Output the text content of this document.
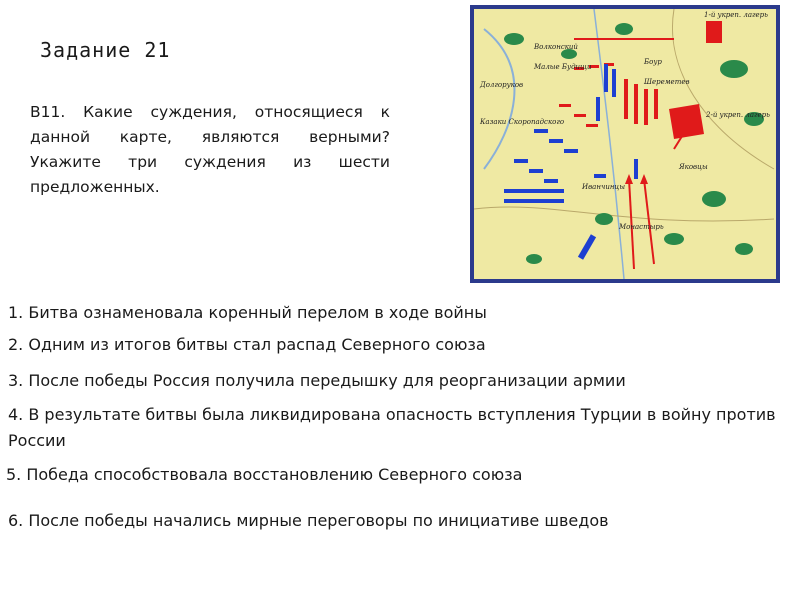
Задание 21
В11. Какие суждения, относящиеся к данной карте, являются верными? Укажите три суждения из шести предложенных.
1-й укреп. лагерь
2-й укреп. лагерь
Волконский
Малые Будищи
Долгоруков
Казаки Скоропадского
Боур
Шереметев
Яковцы
Монастырь
Иванчинцы
1. Битва ознаменовала коренный перелом в ходе войны
2. Одним из итогов битвы стал распад Северного союза
3. После победы Россия получила передышку для реорганизации армии
4. В результате битвы была ликвидирована опасность вступления Турции в войну против России
5. Победа способствовала восстановлению Северного союза
6. После победы начались мирные переговоры по инициативе шведов
